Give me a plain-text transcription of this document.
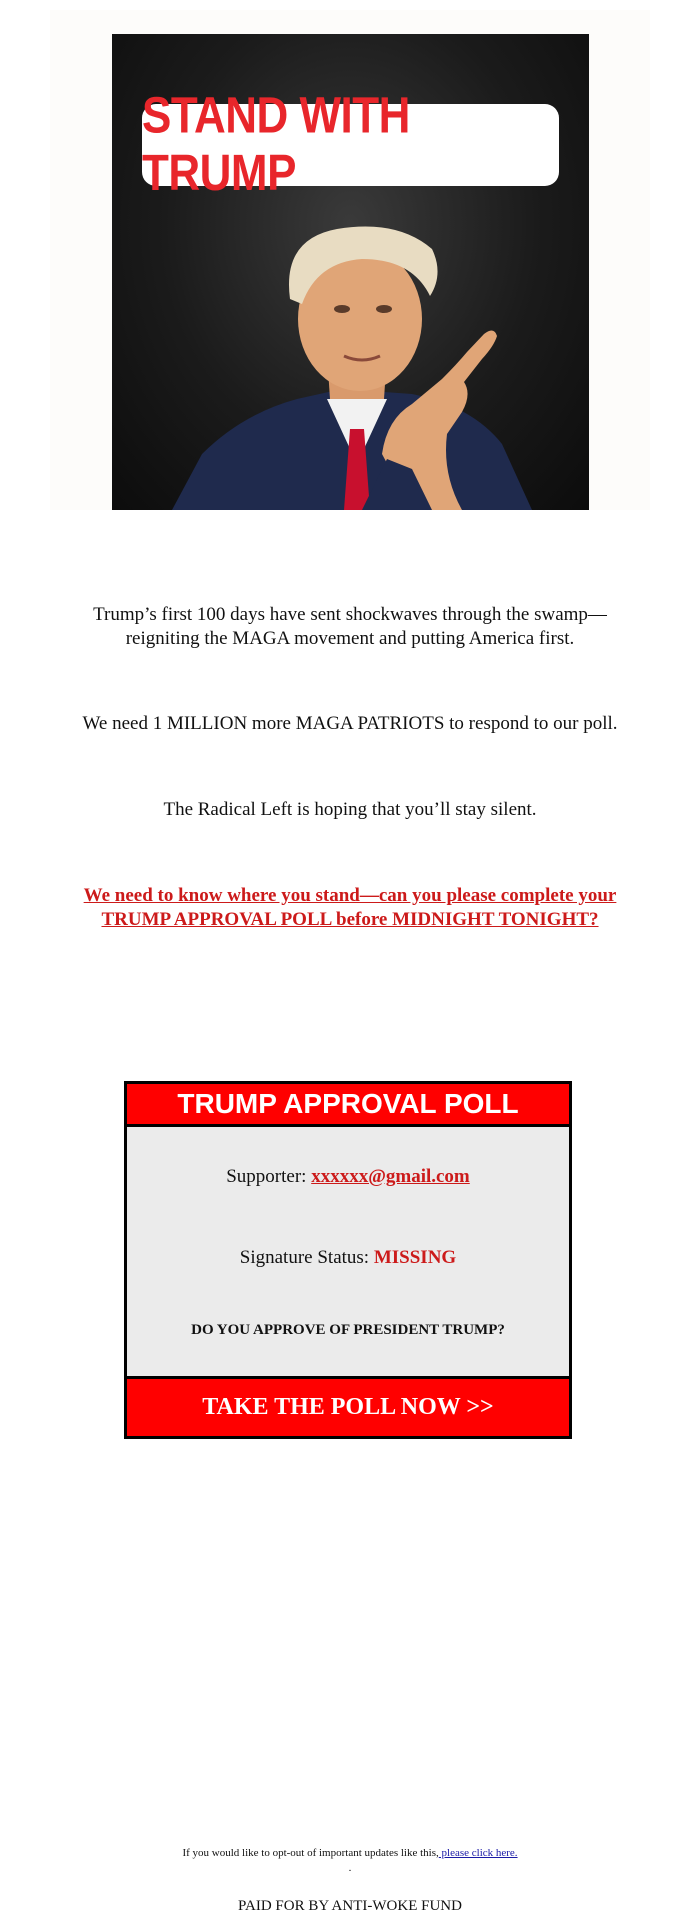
STAND WITH TRUMP
Trump’s first 100 days have sent shockwaves through the swamp—
reigniting the MAGA movement and putting America first.
We need 1 MILLION more MAGA PATRIOTS to respond to our poll.
The Radical Left is hoping that you’ll stay silent.
We need to know where you stand—can you please complete your
TRUMP APPROVAL POLL before MIDNIGHT TONIGHT?
TRUMP APPROVAL POLL
Supporter: xxxxxx@gmail.com
Signature Status: MISSING
DO YOU APPROVE OF PRESIDENT TRUMP?
TAKE THE POLL NOW >>
If you would like to opt-out of important updates like this, please click here.
.
PAID FOR BY ANTI-WOKE FUND
